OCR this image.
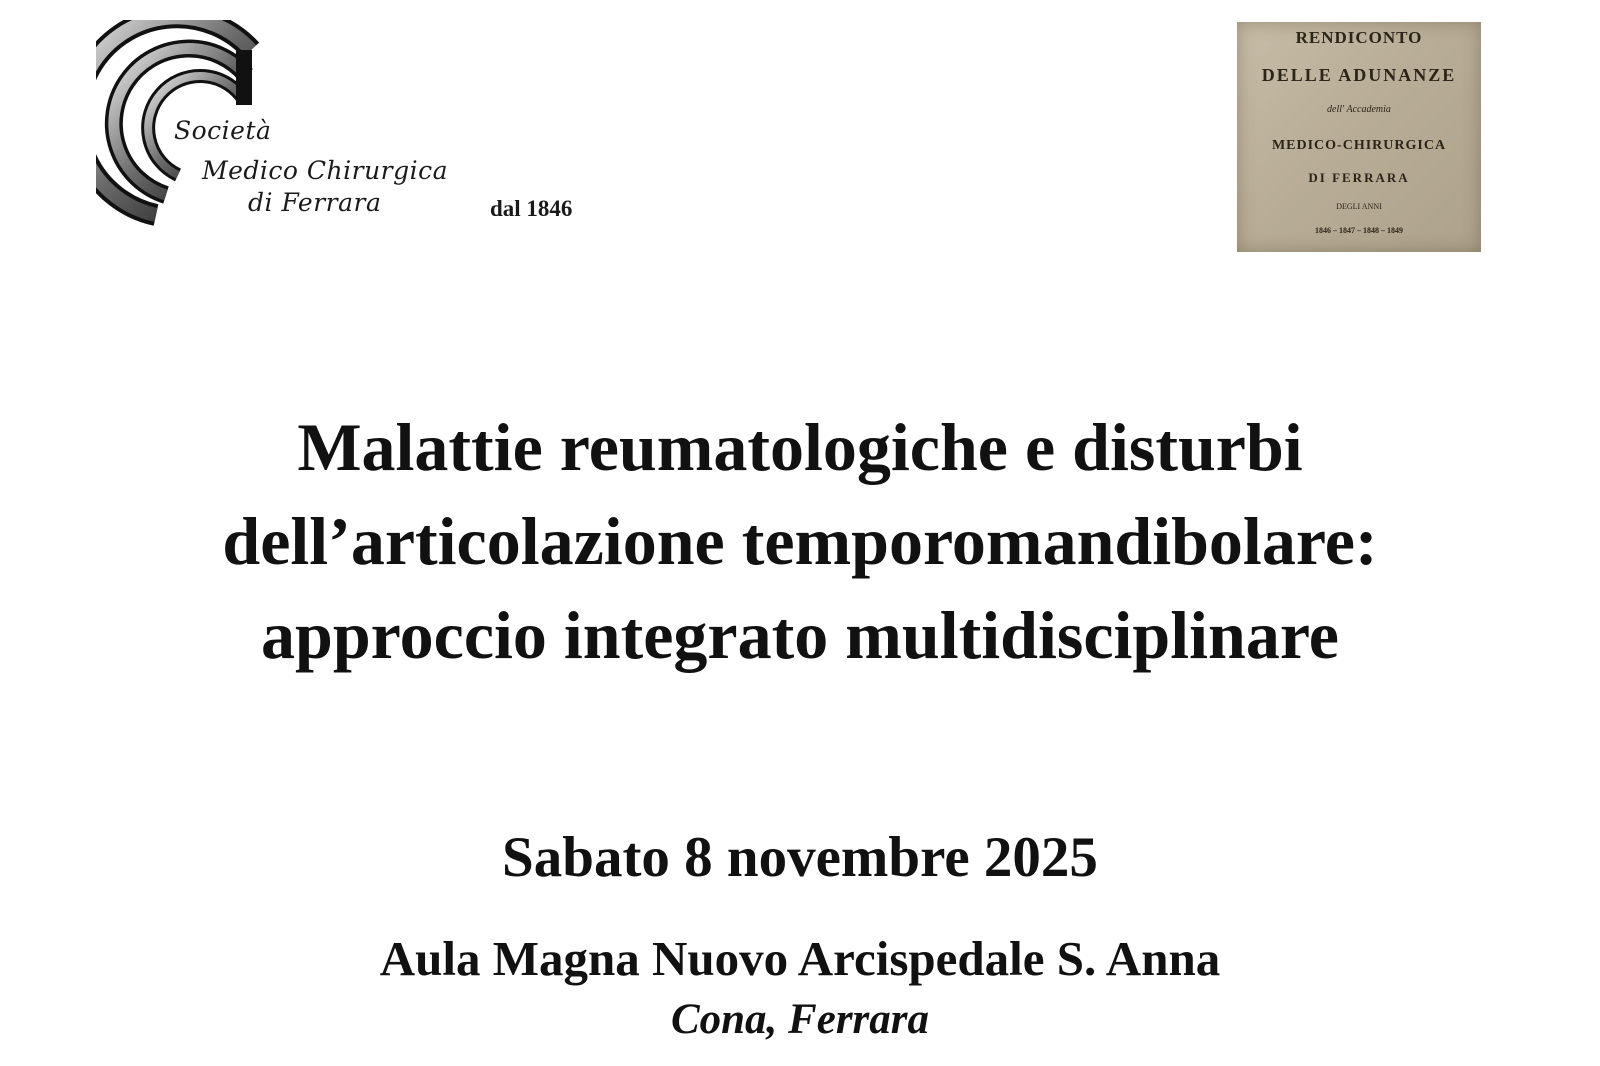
Società
Medico Chirurgica
di Ferrara	dal 1846
RENDICONTO
DELLE ADUNANZE
dell' Accademia
MEDICO-CHIRURGICA
DI FERRARA
DEGLI ANNI
1846 – 1847 – 1848 – 1849
Malattie reumatologiche e disturbi
dell’articolazione temporomandibolare:
approccio integrato multidisciplinare
Sabato 8 novembre 2025
Aula Magna Nuovo Arcispedale S. Anna
Cona, Ferrara
